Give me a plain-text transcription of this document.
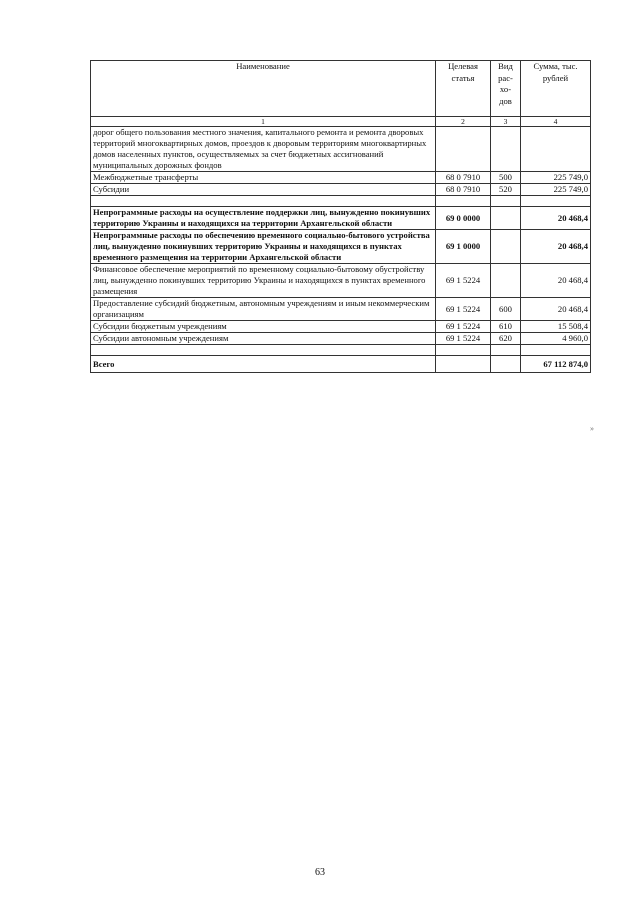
Наименование	Целевая статья	Вид рас- хо- дов	Сумма, тыс. рублей
1	2	3	4
дорог общего пользования местного значения, капитального ремонта и ремонта дворовых территорий многоквартирных домов, проездов к дворовым территориям многоквартирных домов населенных пунктов, осуществляемых за счет бюджетных ассигнований муниципальных дорожных фондов			
Межбюджетные трансферты	68 0 7910	500	225 749,0
Субсидии	68 0 7910	520	225 749,0

Непрограммные расходы на осуществление поддержки лиц, вынужденно покинувших территорию Украины и находящихся на территории Архангельской области	69 0 0000		20 468,4
Непрограммные расходы по обеспечению временного социально-бытового устройства лиц, вынужденно покинувших территорию Украины и находящихся в пунктах временного размещения на территории Архангельской области	69 1 0000		20 468,4
Финансовое обеспечение мероприятий по временному социально-бытовому обустройству лиц, вынужденно покинувших территорию Украины и находящихся в пунктах временного размещения	69 1 5224		20 468,4
Предоставление субсидий бюджетным, автономным учреждениям и иным некоммерческим организациям	69 1 5224	600	20 468,4
Субсидии бюджетным учреждениям	69 1 5224	610	15 508,4
Субсидии автономным учреждениям	69 1 5224	620	4 960,0

Всего			67 112 874,0
»
63
